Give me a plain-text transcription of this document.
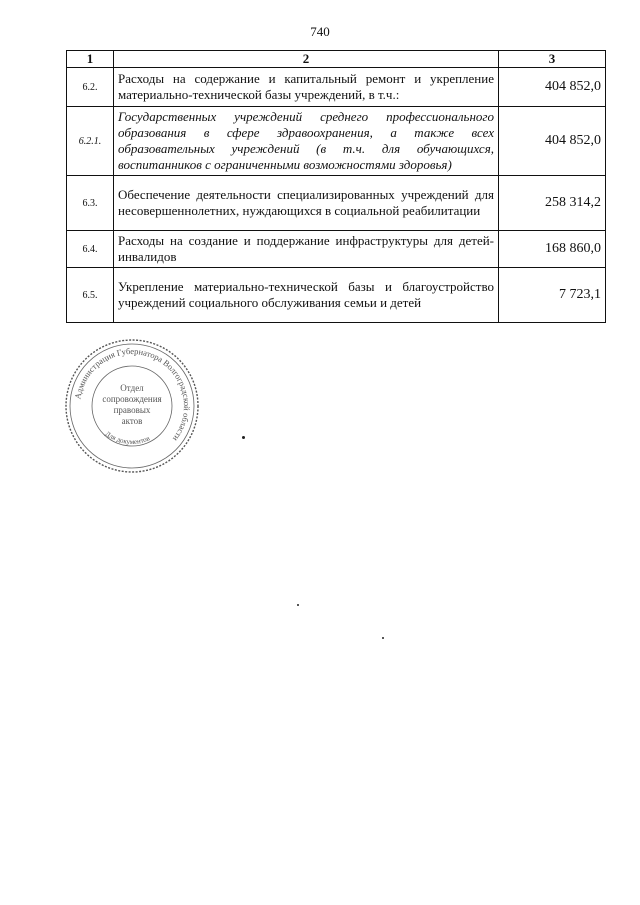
740
1	2	3
6.2.	Расходы на содержание и капитальный ремонт и укрепление материально-технической базы учреждений, в т.ч.:	404 852,0
6.2.1.	Государственных учреждений среднего профессионального образования в сфере здравоохранения, а также всех образовательных учреждений (в т.ч. для обучающихся, воспитанников с ограниченными возможностями здоровья)	404 852,0
6.3.	Обеспечение деятельности специализированных учреждений для несовершеннолетних, нуждающихся в социальной реабилитации	258 314,2
6.4.	Расходы на создание и поддержание инфраструктуры для детей-инвалидов	168 860,0
6.5.	Укрепление материально-технической базы и благоустройство учреждений социального обслуживания семьи и детей	7 723,1
Администрация Губернатора Волгоградской области
Для документов
Отдел
сопровождения
правовых
актов
